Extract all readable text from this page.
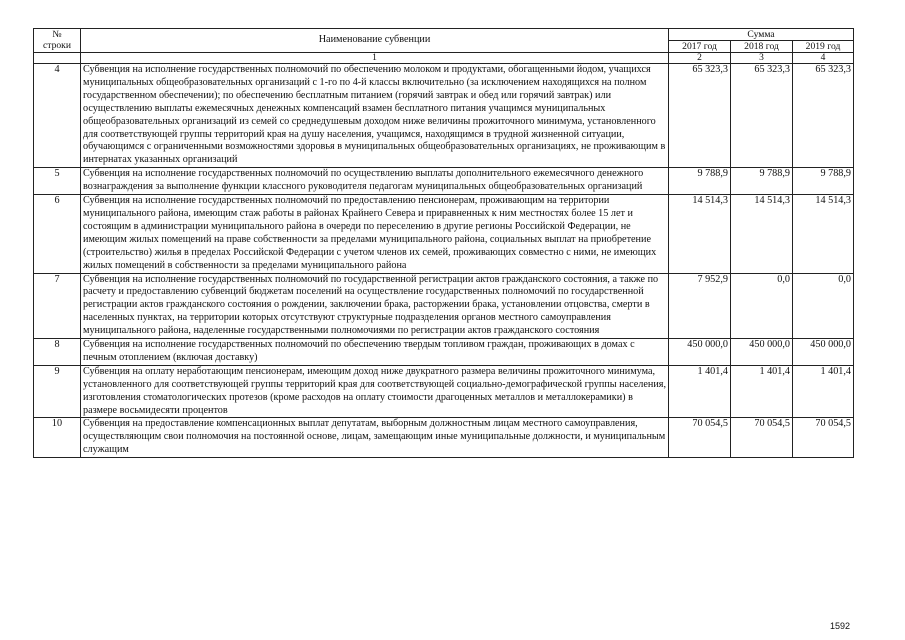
№
строки	Наименование субвенции	Сумма		
		2017 год	2018 год	2019 год
	1	2	3	4
4	Субвенция на исполнение государственных полномочий по обеспечению молоком и продуктами, обогащенными йодом, учащихся муниципальных общеобразовательных организаций с 1-го по 4-й классы включительно (за исключением находящихся на полном государственном обеспечении); по обеспечению бесплатным питанием (горячий завтрак и обед или горячий завтрак) или осуществлению выплаты ежемесячных денежных компенсаций взамен бесплатного питания учащимся муниципальных общеобразовательных организаций из семей со среднедушевым доходом ниже величины прожиточного минимума, установленного для соответствующей группы территорий края на душу населения, учащимся, находящимся в трудной жизненной ситуации, обучающимся с ограниченными возможностями здоровья в муниципальных общеобразовательных организациях, не проживающим в интернатах указанных организаций	65 323,3	65 323,3	65 323,3
5	Субвенция на исполнение государственных полномочий по осуществлению выплаты дополнительного ежемесячного денежного вознаграждения за выполнение функции классного руководителя педагогам муниципальных общеобразовательных организаций	9 788,9	9 788,9	9 788,9
6	Субвенция на исполнение государственных полномочий по предоставлению пенсионерам, проживающим на территории муниципального района, имеющим стаж работы в районах Крайнего Севера и приравненных к ним местностях более 15 лет и состоящим в администрации муниципального района в очереди по переселению в другие регионы Российской Федерации, не имеющим жилых помещений на праве собственности за пределами муниципального района, социальных выплат на приобретение (строительство) жилья в пределах Российской Федерации с учетом членов их семей, проживающих совместно с ними, не имеющих жилых помещений в собственности за пределами муниципального района	14 514,3	14 514,3	14 514,3
7	Субвенция на исполнение государственных полномочий по государственной регистрации актов гражданского состояния, а также по расчету и предоставлению субвенций бюджетам поселений на осуществление государственных полномочий по государственной регистрации актов гражданского состояния о рождении, заключении брака, расторжении брака, установлении отцовства, смерти в населенных пунктах, на территории которых отсутствуют структурные подразделения органов местного самоуправления муниципального района, наделенные государственными полномочиями по регистрации актов гражданского состояния	7 952,9	0,0	0,0
8	Субвенция на исполнение государственных полномочий по обеспечению твердым топливом граждан, проживающих в домах с печным отоплением (включая доставку)	450 000,0	450 000,0	450 000,0
9	Субвенция на оплату неработающим пенсионерам, имеющим доход ниже двукратного размера величины прожиточного минимума, установленного для соответствующей группы территорий края для соответствующей социально-демографической группы населения, изготовления стоматологических протезов (кроме расходов на оплату стоимости драгоценных металлов и металлокерамики) в размере восьмидесяти процентов	1 401,4	1 401,4	1 401,4
10	Субвенция на предоставление компенсационных выплат депутатам, выборным должностным лицам местного самоуправления, осуществляющим свои полномочия на постоянной основе, лицам, замещающим иные муниципальные должности, и муниципальным служащим	70 054,5	70 054,5	70 054,5
1592
